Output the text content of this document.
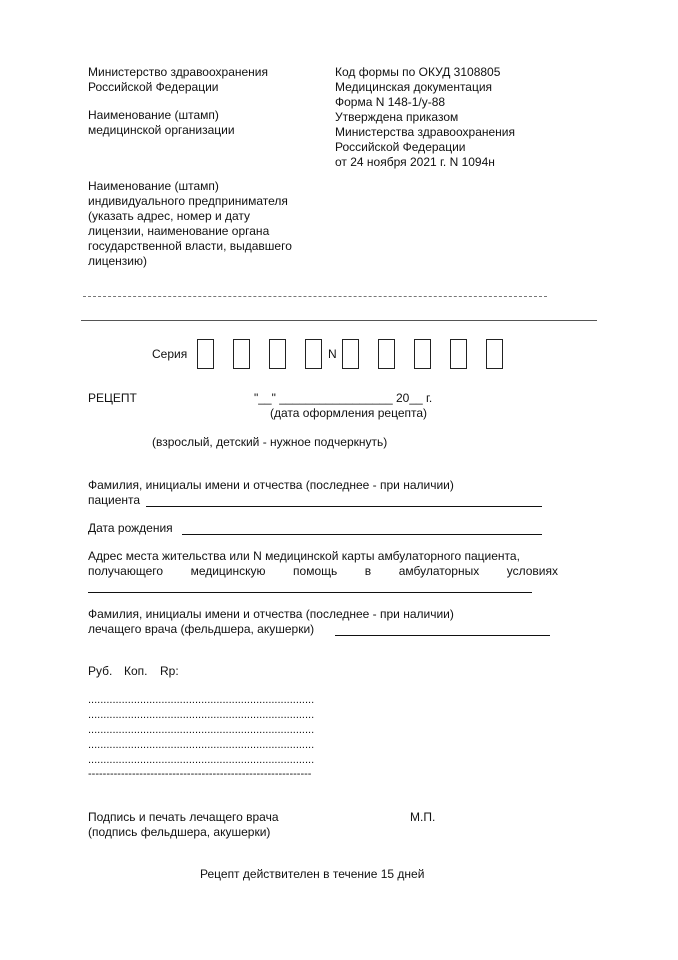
Министерство здравоохранения
Российской Федерации
Наименование (штамп)
медицинской организации
Наименование (штамп)
индивидуального предпринимателя
(указать адрес, номер и дату
лицензии, наименование органа
государственной власти, выдавшего
лицензию)
Код формы по ОКУД 3108805
Медицинская документация
Форма N 148-1/у-88
Утверждена приказом
Министерства здравоохранения
Российской Федерации
от 24 ноября 2021 г. N 1094н
Серия	N
РЕЦЕПТ	"__" _________________ 20__ г.
(дата оформления рецепта)
(взрослый, детский - нужное подчеркнуть)
Фамилия, инициалы имени и отчества (последнее - при наличии)
пациента
Дата рождения
Адрес места жительства или N медицинской карты амбулаторного пациента,
получающего медицинскую помощь в амбулаторных условиях
Фамилия, инициалы имени и отчества (последнее - при наличии)
лечащего врача (фельдшера, акушерки)
Руб. Коп. Rp:
..........................................................................
..........................................................................
..........................................................................
..........................................................................
..........................................................................
-------------------------------------------------------------
Подпись и печать лечащего врача
(подпись фельдшера, акушерки)
М.П.
Рецепт действителен в течение 15 дней
